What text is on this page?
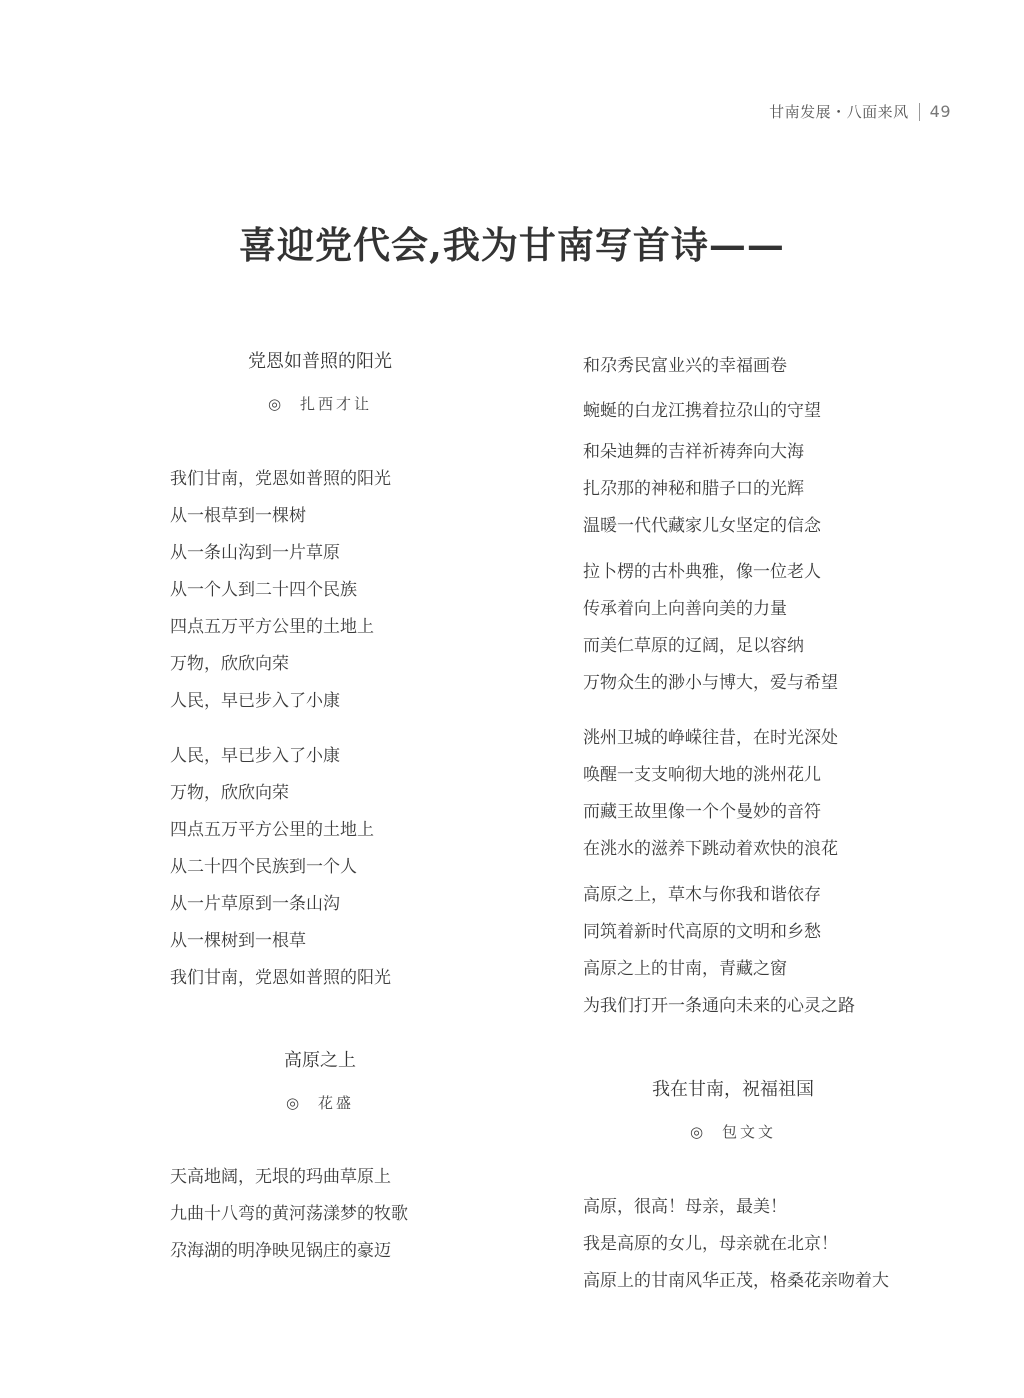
甘南发展・八面来风 49
喜迎党代会,我为甘南写首诗——
党恩如普照的阳光
◎ 扎西才让
我们甘南，党恩如普照的阳光
从一根草到一棵树
从一条山沟到一片草原
从一个人到二十四个民族
四点五万平方公里的土地上
万物，欣欣向荣
人民，早已步入了小康
人民，早已步入了小康
万物，欣欣向荣
四点五万平方公里的土地上
从二十四个民族到一个人
从一片草原到一条山沟
从一棵树到一根草
我们甘南，党恩如普照的阳光
高原之上
◎ 花盛
天高地阔，无垠的玛曲草原上
九曲十八弯的黄河荡漾梦的牧歌
尕海湖的明净映见锅庄的豪迈
和尕秀民富业兴的幸福画卷
蜿蜒的白龙江携着拉尕山的守望
和朵迪舞的吉祥祈祷奔向大海
扎尕那的神秘和腊子口的光辉
温暖一代代藏家儿女坚定的信念
拉卜楞的古朴典雅，像一位老人
传承着向上向善向美的力量
而美仁草原的辽阔，足以容纳
万物众生的渺小与博大，爱与希望
洮州卫城的峥嵘往昔，在时光深处
唤醒一支支响彻大地的洮州花儿
而藏王故里像一个个曼妙的音符
在洮水的滋养下跳动着欢快的浪花
高原之上，草木与你我和谐依存
同筑着新时代高原的文明和乡愁
高原之上的甘南，青藏之窗
为我们打开一条通向未来的心灵之路
我在甘南，祝福祖国
◎ 包文文
高原，很高！母亲，最美！
我是高原的女儿，母亲就在北京！
高原上的甘南风华正茂，格桑花亲吻着大
